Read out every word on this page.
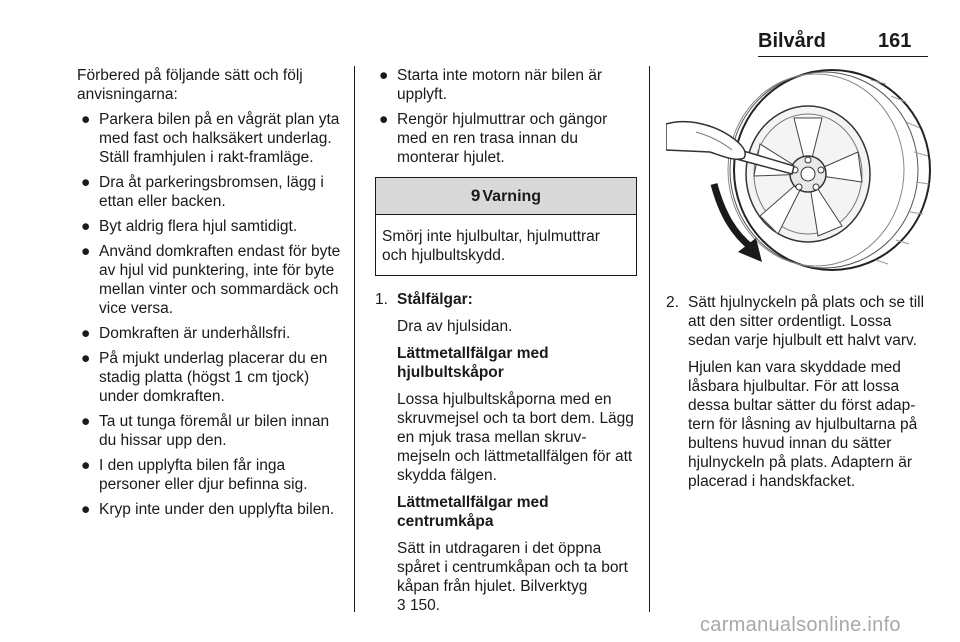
Bilvård	161

Förbered på följande sätt och följ anvisningarna:

● Parkera bilen på en vågrät plan yta med fast och halksäkert underlag. Ställ framhjulen i rakt-framläge.
● Dra åt parkeringsbromsen, lägg i ettan eller backen.
● Byt aldrig flera hjul samtidigt.
● Använd domkraften endast för byte av hjul vid punktering, inte för byte mellan vinter och sommardäck och vice versa.
● Domkraften är underhållsfri.
● På mjukt underlag placerar du en stadig platta (högst 1 cm tjock) under domkraften.
● Ta ut tunga föremål ur bilen innan du hissar upp den.
● I den upplyfta bilen får inga personer eller djur befinna sig.
● Kryp inte under den upplyfta bilen.
● Starta inte motorn när bilen är upplyft.
● Rengör hjulmuttrar och gängor med en ren trasa innan du monterar hjulet.
9 Varning
Smörj inte hjulbultar, hjulmuttrar och hjulbultskydd.
1. Stålfälgar:

Dra av hjulsidan.

Lättmetallfälgar med hjulbultskåpor

Lossa hjulbultskåporna med en skruvmejsel och ta bort dem. Lägg en mjuk trasa mellan skruv-mejseln och lättmetallfälgen för att skydda fälgen.

Lättmetallfälgar med centrumkåpa

Sätt in utdragaren i det öppna spåret i centrumkåpan och ta bort kåpan från hjulet. Bilverktyg
3 150.

2. Sätt hjulnyckeln på plats och se till att den sitter ordentligt. Lossa sedan varje hjulbult ett halvt varv.

Hjulen kan vara skyddade med låsbara hjulbultar. För att lossa dessa bultar sätter du först adap-tern för låsning av hjulbultarna på bultens huvud innan du sätter hjulnyckeln på plats. Adaptern är placerad i handskfacket.

carmanualsonline.info
